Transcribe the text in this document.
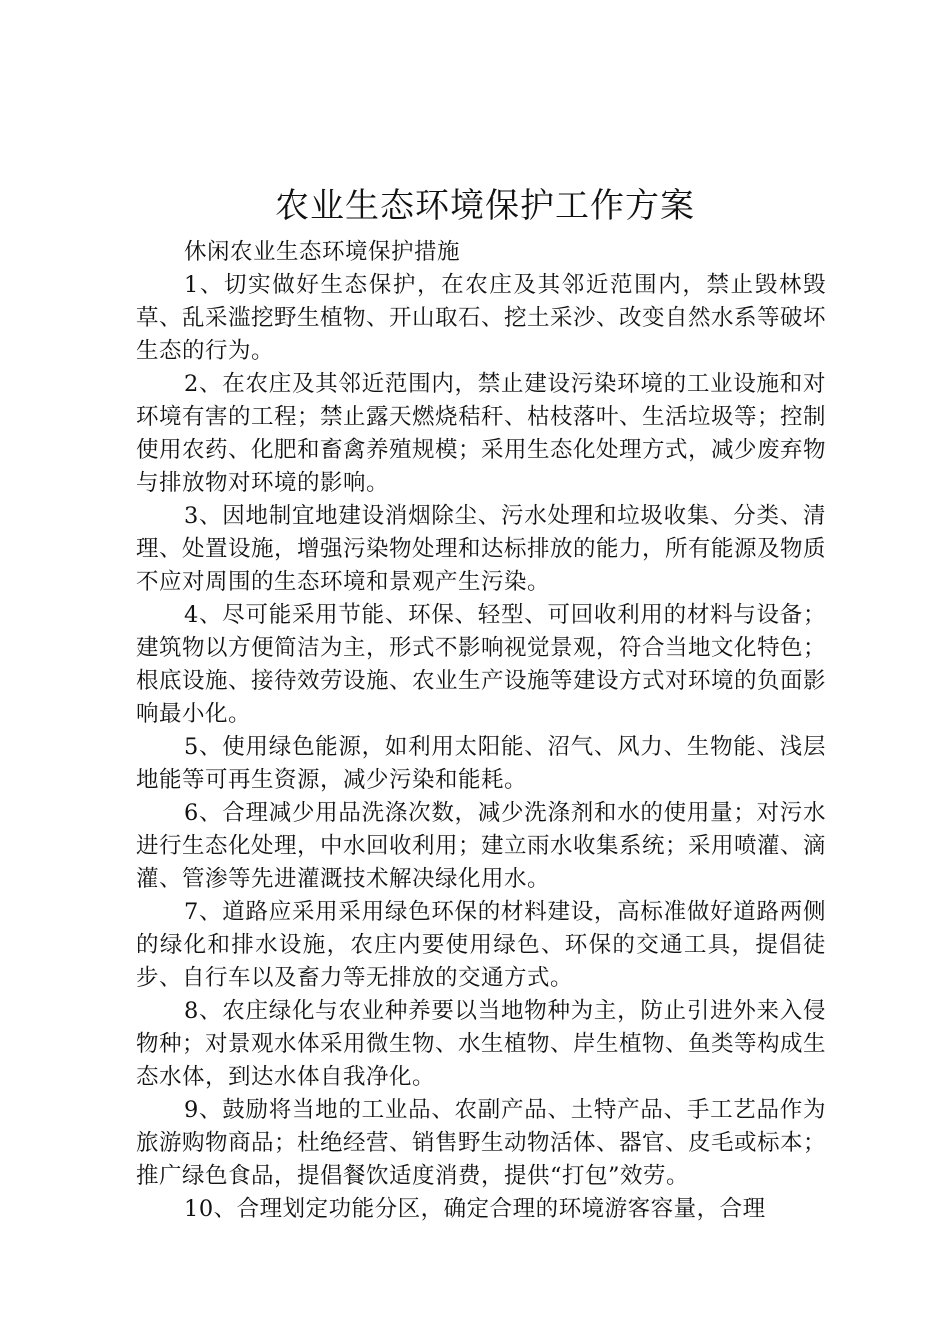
农业生态环境保护工作方案

休闲农业生态环境保护措施

1、切实做好生态保护，在农庄及其邻近范围内，禁止毁林毁草、乱采滥挖野生植物、开山取石、挖土采沙、改变自然水系等破坏生态的行为。

2、在农庄及其邻近范围内，禁止建设污染环境的工业设施和对环境有害的工程；禁止露天燃烧秸秆、枯枝落叶、生活垃圾等；控制使用农药、化肥和畜禽养殖规模；采用生态化处理方式，减少废弃物与排放物对环境的影响。

3、因地制宜地建设消烟除尘、污水处理和垃圾收集、分类、清理、处置设施，增强污染物处理和达标排放的能力，所有能源及物质不应对周围的生态环境和景观产生污染。

4、尽可能采用节能、环保、轻型、可回收利用的材料与设备；建筑物以方便简洁为主，形式不影响视觉景观，符合当地文化特色；根底设施、接待效劳设施、农业生产设施等建设方式对环境的负面影响最小化。

5、使用绿色能源，如利用太阳能、沼气、风力、生物能、浅层地能等可再生资源，减少污染和能耗。

6、合理减少用品洗涤次数，减少洗涤剂和水的使用量；对污水进行生态化处理，中水回收利用；建立雨水收集系统；采用喷灌、滴灌、管渗等先进灌溉技术解决绿化用水。

7、道路应采用采用绿色环保的材料建设，高标准做好道路两侧的绿化和排水设施，农庄内要使用绿色、环保的交通工具，提倡徒步、自行车以及畜力等无排放的交通方式。

8、农庄绿化与农业种养要以当地物种为主，防止引进外来入侵物种；对景观水体采用微生物、水生植物、岸生植物、鱼类等构成生态水体，到达水体自我净化。

9、鼓励将当地的工业品、农副产品、土特产品、手工艺品作为旅游购物商品；杜绝经营、销售野生动物活体、器官、皮毛或标本；推广绿色食品，提倡餐饮适度消费，提供“打包”效劳。

10、合理划定功能分区，确定合理的环境游客容量，合理
